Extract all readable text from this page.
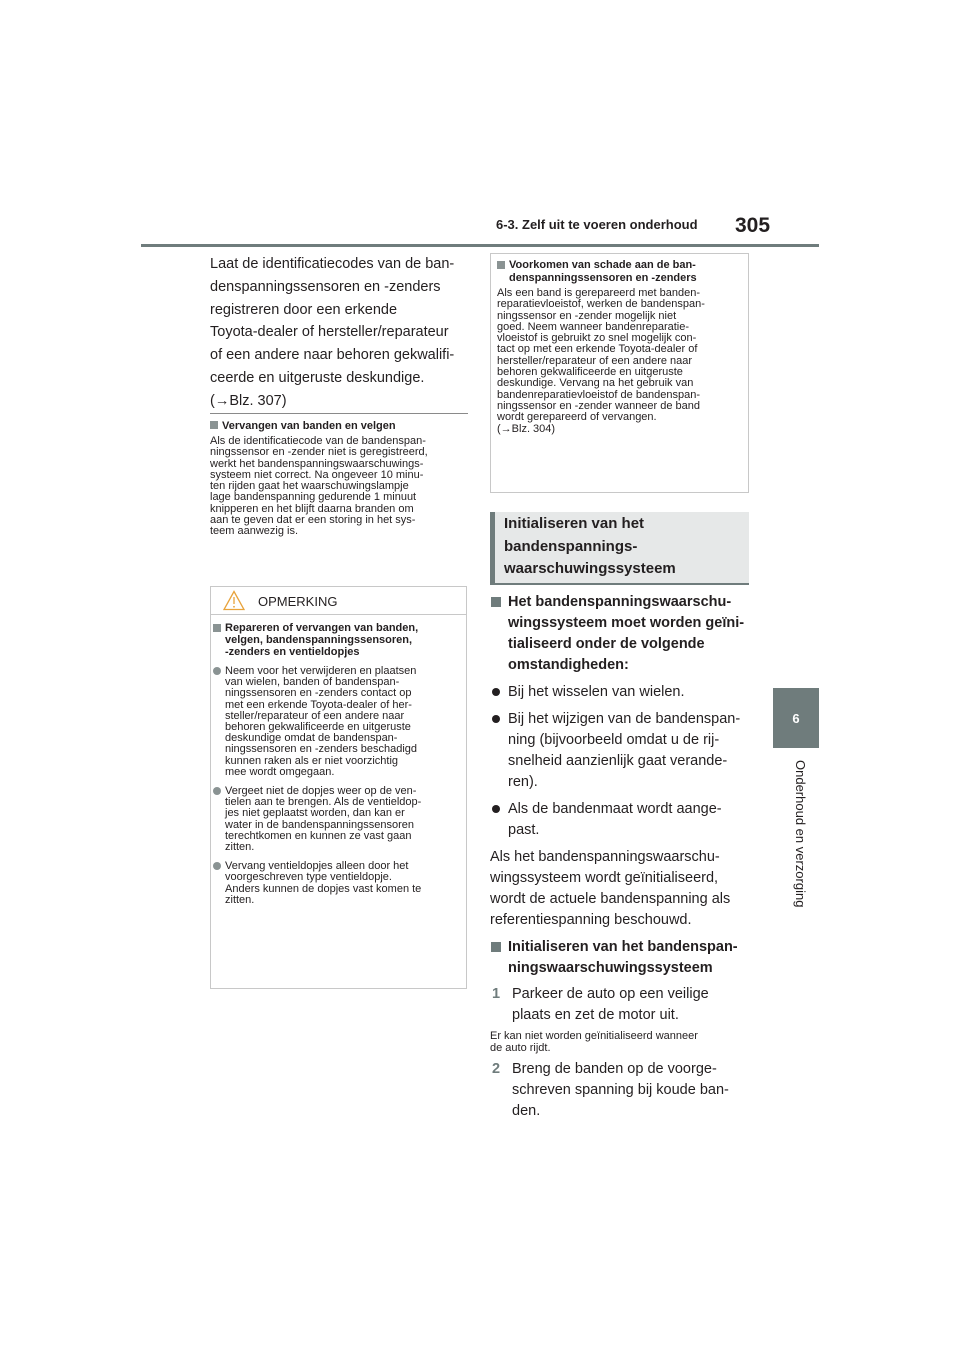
6-3. Zelf uit te voeren onderhoud 305
6
Onderhoud en verzorging

Laat de identificatiecodes van de ban-

denspanningssensoren en -zenders

registreren door een erkende

Toyota-dealer of hersteller/reparateur

of een andere naar behoren gekwalifi-

ceerde en uitgeruste deskundige.

(→Blz. 307)

Vervangen van banden en velgen
Als de identificatiecode van de bandenspan-
ningssensor en -zender niet is geregistreerd,
werkt het bandenspanningswaarschuwings-
systeem niet correct. Na ongeveer 10 minu-
ten rijden gaat het waarschuwingslampje
lage bandenspanning gedurende 1 minuut
knipperen en het blijft daarna branden om
aan te geven dat er een storing in het sys-
teem aanwezig is.
OPMERKING
Repareren of vervangen van banden,
velgen, bandenspanningssensoren,
-zenders en ventieldopjes
Neem voor het verwijderen en plaatsen
van wielen, banden of bandenspan-
ningssensoren en -zenders contact op
met een erkende Toyota-dealer of her-
steller/reparateur of een andere naar
behoren gekwalificeerde en uitgeruste
deskundige omdat de bandenspan-
ningssensoren en -zenders beschadigd
kunnen raken als er niet voorzichtig
mee wordt omgegaan.
Vergeet niet de dopjes weer op de ven-
tielen aan te brengen. Als de ventieldop-
jes niet geplaatst worden, dan kan er
water in de bandenspanningssensoren
terechtkomen en kunnen ze vast gaan
zitten.
Vervang ventieldopjes alleen door het
voorgeschreven type ventieldopje.
Anders kunnen de dopjes vast komen te
zitten.
Voorkomen van schade aan de ban-
denspanningssensoren en -zenders
Als een band is gerepareerd met banden-
reparatievloeistof, werken de bandenspan-
ningssensor en -zender mogelijk niet
goed. Neem wanneer bandenreparatie-
vloeistof is gebruikt zo snel mogelijk con-
tact op met een erkende Toyota-dealer of
hersteller/reparateur of een andere naar
behoren gekwalificeerde en uitgeruste
deskundige. Vervang na het gebruik van
bandenreparatievloeistof de bandenspan-
ningssensor en -zender wanneer de band
wordt gerepareerd of vervangen.
(→Blz. 304)
Initialiseren van het
bandenspannings-
waarschuwingssysteem
Het bandenspanningswaarschu-
wingssysteem moet worden geïni-
tialiseerd onder de volgende
omstandigheden:
Bij het wisselen van wielen.
Bij het wijzigen van de bandenspan-
ning (bijvoorbeeld omdat u de rij-
snelheid aanzienlijk gaat verande-
ren).
Als de bandenmaat wordt aange-
past.
Als het bandenspanningswaarschu-
wingssysteem wordt geïnitialiseerd,
wordt de actuele bandenspanning als
referentiespanning beschouwd.
Initialiseren van het bandenspan-
ningswaarschuwingssysteem
1 Parkeer de auto op een veilige
plaats en zet de motor uit.
Er kan niet worden geïnitialiseerd wanneer
de auto rijdt.
2 Breng de banden op de voorge-
schreven spanning bij koude ban-
den.
